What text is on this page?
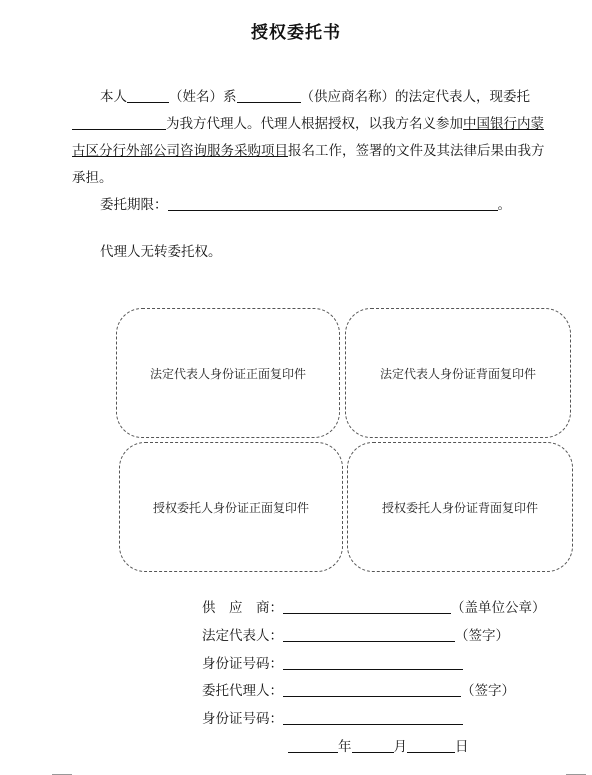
授权委托书
本人	（姓名）系	（供应商名称）的法定代表人，现委托
为我方代理人。代理人根据授权，以我方名义参加中国银行内蒙
古区分行外部公司咨询服务采购项目报名工作，签署的文件及其法律后果由我方
承担。
委托期限：	。
代理人无转委托权。
法定代表人身份证正面复印件	法定代表人身份证背面复印件
授权委托人身份证正面复印件	授权委托人身份证背面复印件
供　应　商：	（盖单位公章）
法定代表人：	（签字）
身份证号码：
委托代理人：	（签字）
身份证号码：
年	月	日
